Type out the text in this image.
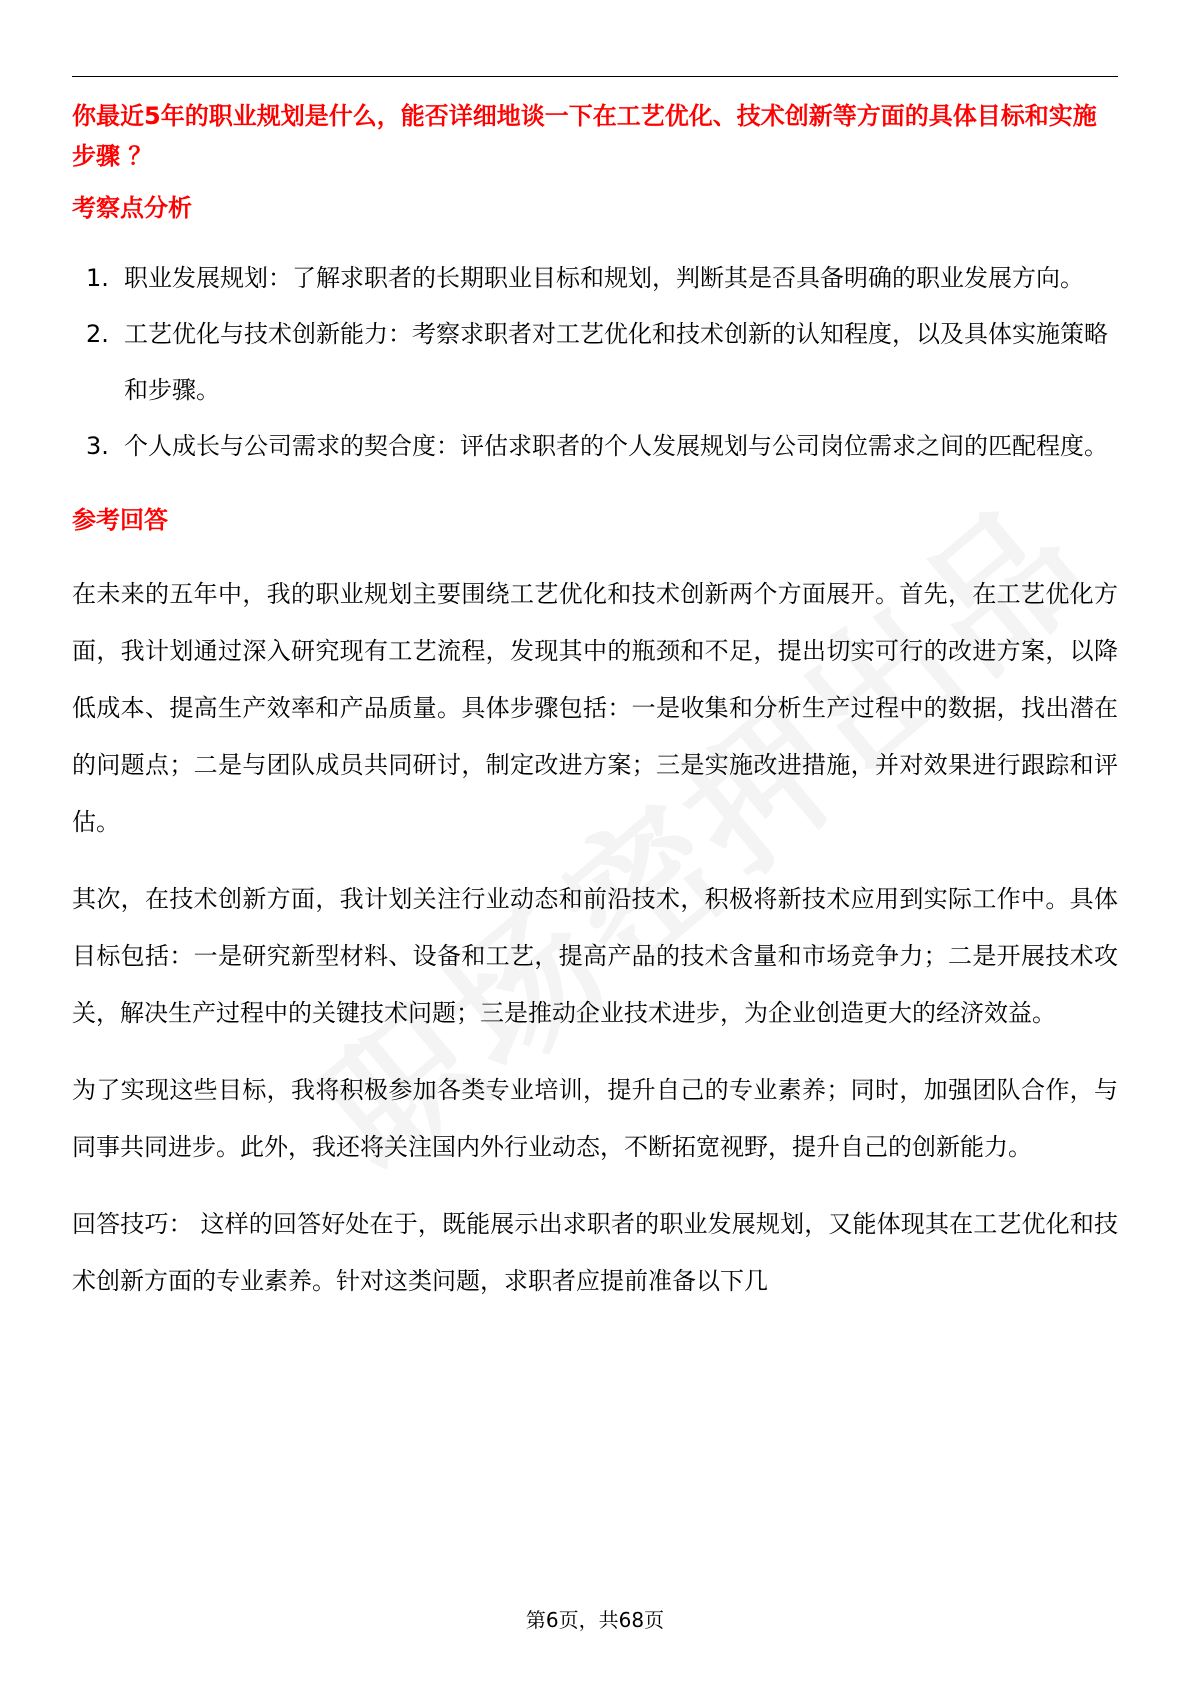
你最近5年的职业规划是什么，能否详细地谈一下在工艺优化、技术创新等方面的具体目标和实施步骤 ？

考察点分析

1. 职业发展规划：了解求职者的长期职业目标和规划，判断其是否具备明确的职业发展方向。
2. 工艺优化与技术创新能力：考察求职者对工艺优化和技术创新的认知程度，以及具体实施策略和步骤。
3. 个人成长与公司需求的契合度：评估求职者的个人发展规划与公司岗位需求之间的匹配程度。

参考回答

在未来的五年中，我的职业规划主要围绕工艺优化和技术创新两个方面展开。首先，在工艺优化方面，我计划通过深入研究现有工艺流程，发现其中的瓶颈和不足，提出切实可行的改进方案，以降低成本、提高生产效率和产品质量。具体步骤包括：一是收集和分析生产过程中的数据，找出潜在的问题点；二是与团队成员共同研讨，制定改进方案；三是实施改进措施，并对效果进行跟踪和评估。

其次，在技术创新方面，我计划关注行业动态和前沿技术，积极将新技术应用到实际工作中。具体目标包括：一是研究新型材料、设备和工艺，提高产品的技术含量和市场竞争力；二是开展技术攻关，解决生产过程中的关键技术问题；三是推动企业技术进步，为企业创造更大的经济效益。

为了实现这些目标，我将积极参加各类专业培训，提升自己的专业素养；同时，加强团队合作，与同事共同进步。此外，我还将关注国内外行业动态，不断拓宽视野，提升自己的创新能力。

回答技巧： 这样的回答好处在于，既能展示出求职者的职业发展规划，又能体现其在工艺优化和技术创新方面的专业素养。针对这类问题，求职者应提前准备以下几

第6页，共68页
